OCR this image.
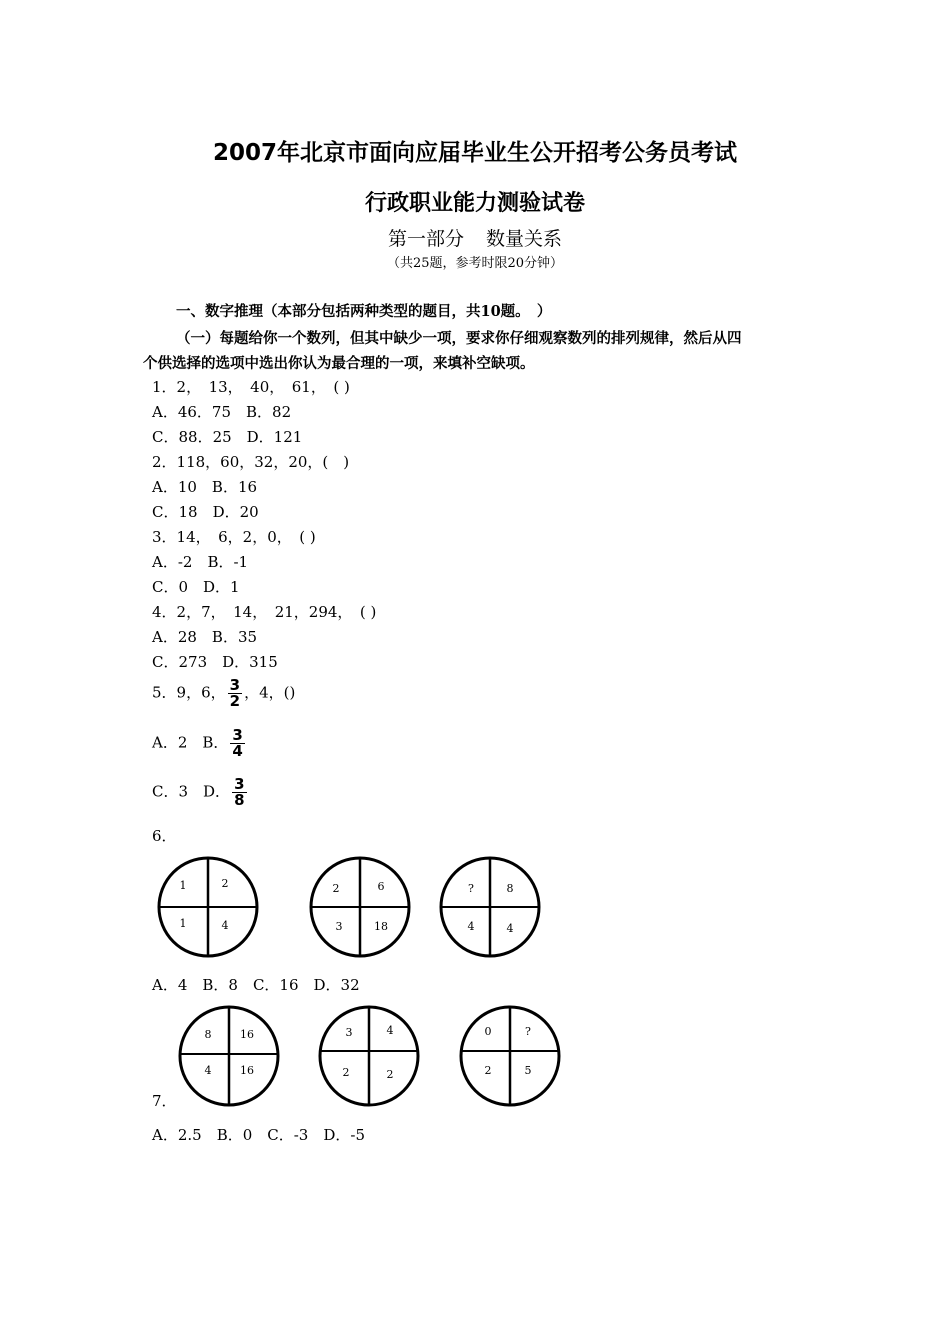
2007年北京市面向应届毕业生公开招考公务员考试
行政职业能力测验试卷
第一部分 数量关系
（共25题，参考时限20分钟）
一、数字推理（本部分包括两种类型的题目，共10题。　）
（一）每题给你一个数列，但其中缺少一项，要求你仔细观察数列的排列规律，然后从四
个供选择的选项中选出你认为最合理的一项，来填补空缺项。
1．2，　13，　40，　61，　( )
A．46．75　B．82
C．88．25　D．121
2．118，60，32，20，(　)
A．10　B．16
C．18　D．20
3．14，　6，2，0，　( )
A．-2　B．-1
C．0　D．1
4．2，7，　14，　21，294，　( )
A．28　B．35
C．273　D．315
5．9，6， $\frac{3}{2}$ ，4，()
A．2　B． $\frac{3}{4}$
C．3　D． $\frac{3}{8}$
6．
1	2
1	4
2	6
3	18
?	8
4	4
A．4　B．8　C．16　D．32
8	16
4	16
3	4
2	2
0	?
2	5
7．
A．2.5　B．0　C．-3　D．-5
